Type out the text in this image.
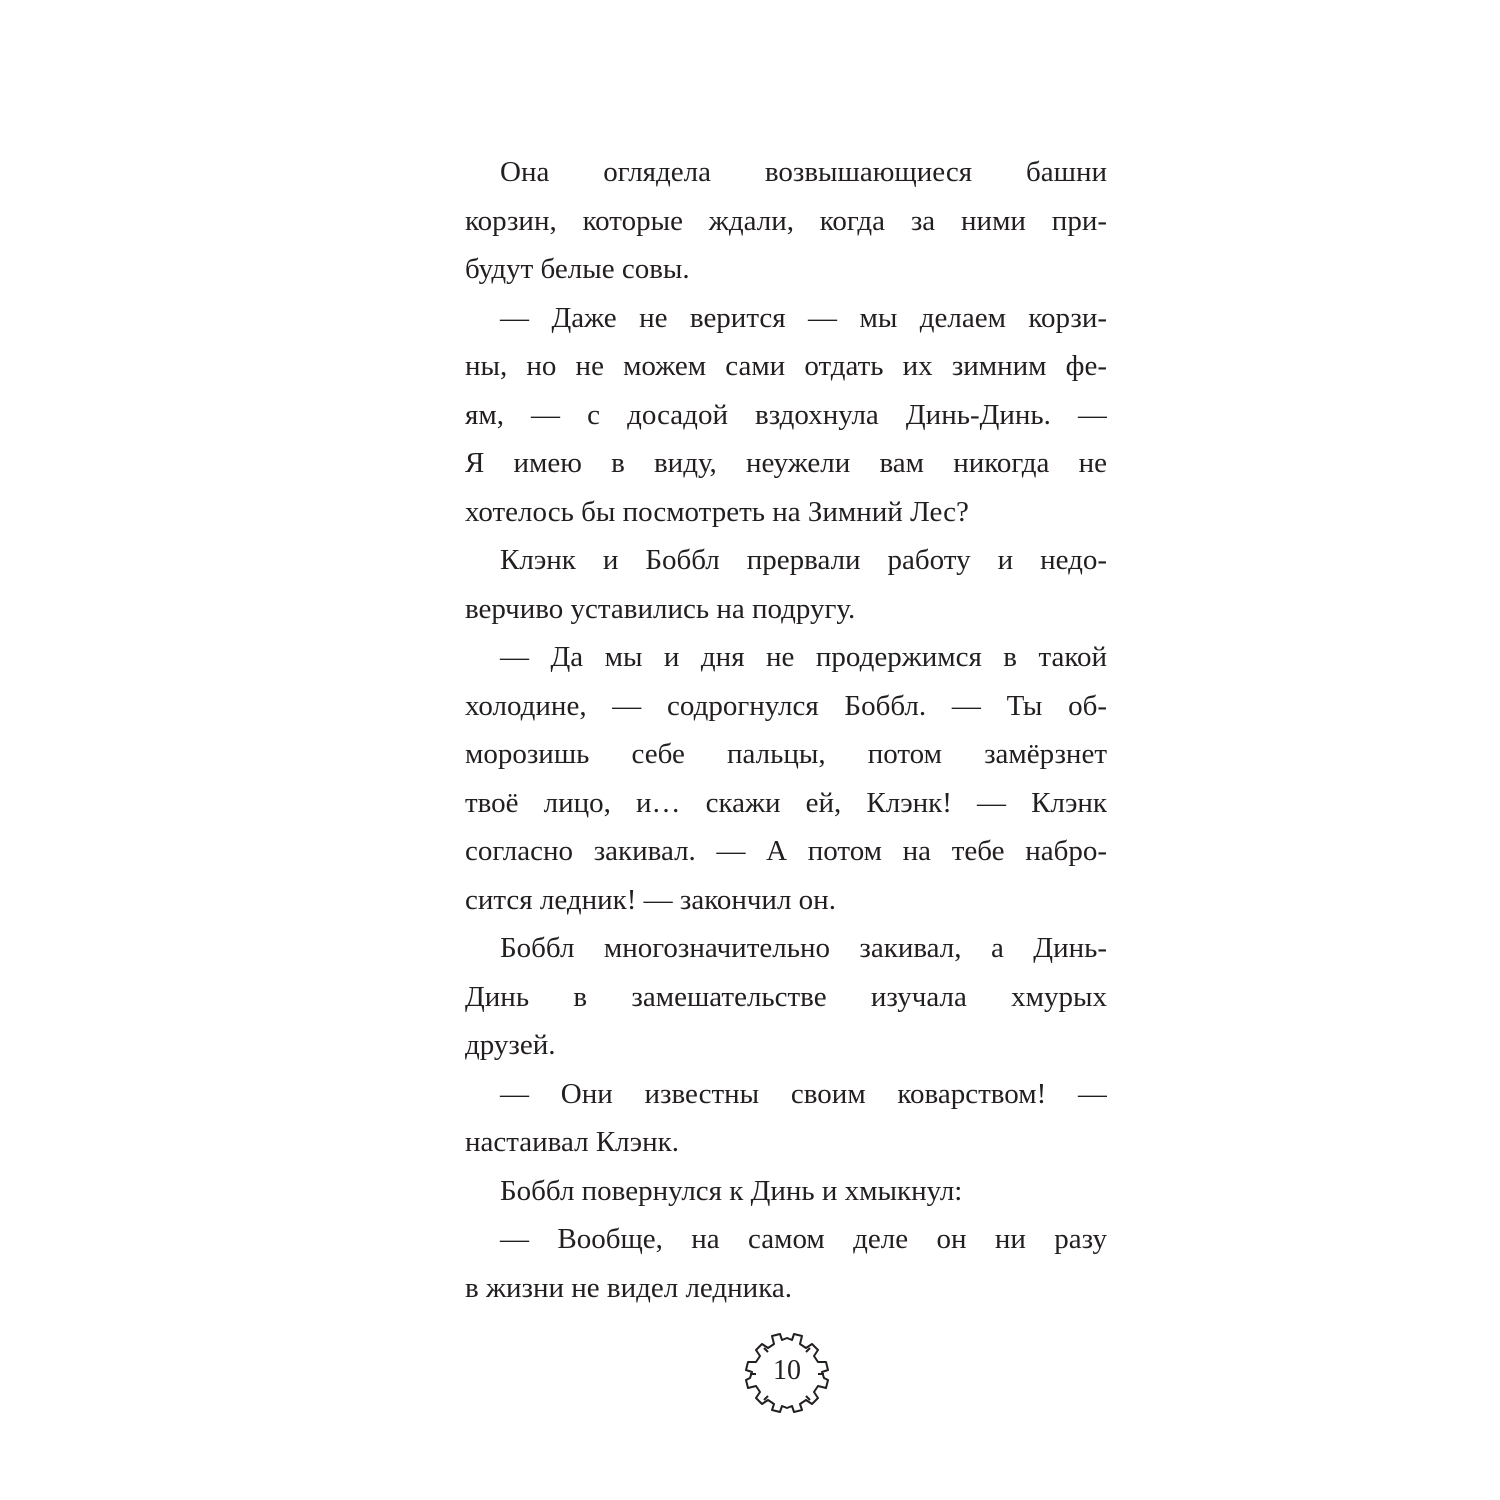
Она оглядела возвышающиеся башни
корзин, которые ждали, когда за ними при-
будут белые совы.
— Даже не верится — мы делаем корзи-
ны, но не можем сами отдать их зимним фе-
ям, — с досадой вздохнула Динь-Динь. —
Я имею в виду, неужели вам никогда не
хотелось бы посмотреть на Зимний Лес?
Клэнк и Боббл прервали работу и недо-
верчиво уставились на подругу.
— Да мы и дня не продержимся в такой
холодине, — содрогнулся Боббл. — Ты об-
морозишь себе пальцы, потом замёрзнет
твоё лицо, и… скажи ей, Клэнк! — Клэнк
согласно закивал. — А потом на тебе набро-
сится ледник! — закончил он.
Боббл многозначительно закивал, а Динь-
Динь в замешательстве изучала хмурых
друзей.
— Они известны своим коварством! —
настаивал Клэнк.
Боббл повернулся к Динь и хмыкнул:
— Вообще, на самом деле он ни разу
в жизни не видел ледника.
10
